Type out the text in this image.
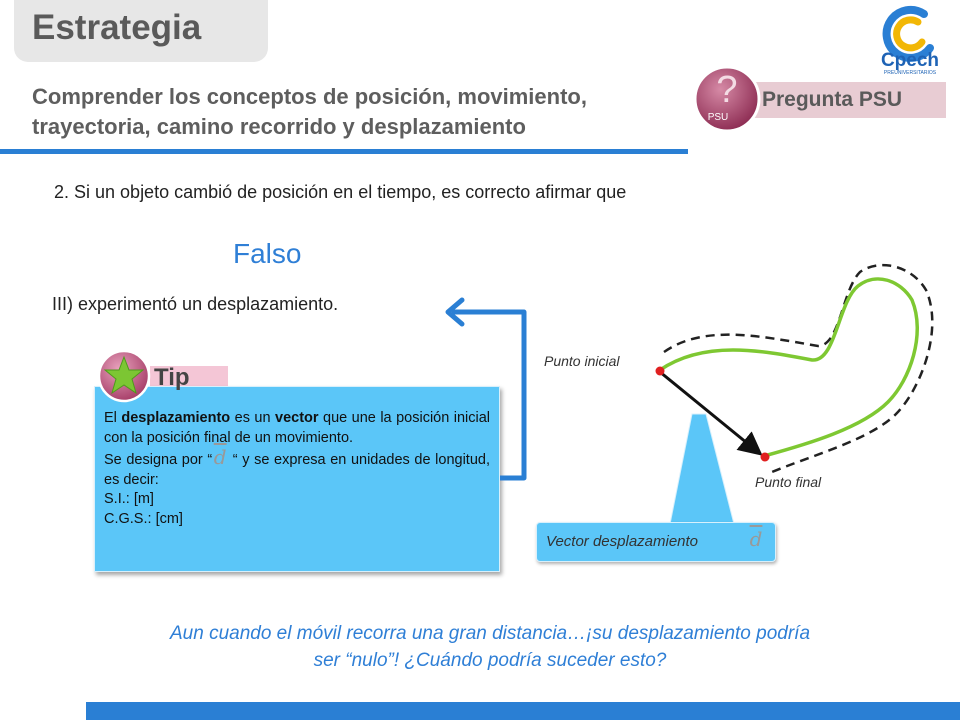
Estrategia
Cpech
PREUNIVERSITARIOS
Comprender los conceptos de posición, movimiento,
trayectoria, camino recorrido y desplazamiento
Pregunta PSU
?
PSU
2. Si un objeto cambió de posición en el tiempo, es correcto afirmar que
Falso
III) experimentó un desplazamiento.
Tip
El desplazamiento es un vector que une la posición inicial con la posición final de un movimiento.
Se designa por “$\overline{d}$ “ y se expresa en unidades de longitud, es decir:
S.I.: [m]
C.G.S.: [cm]
Punto inicial
Punto final
Vector desplazamiento	$\overline{d}$
Aun cuando el móvil recorra una gran distancia…¡su desplazamiento podría
ser “nulo”! ¿Cuándo podría suceder esto?
